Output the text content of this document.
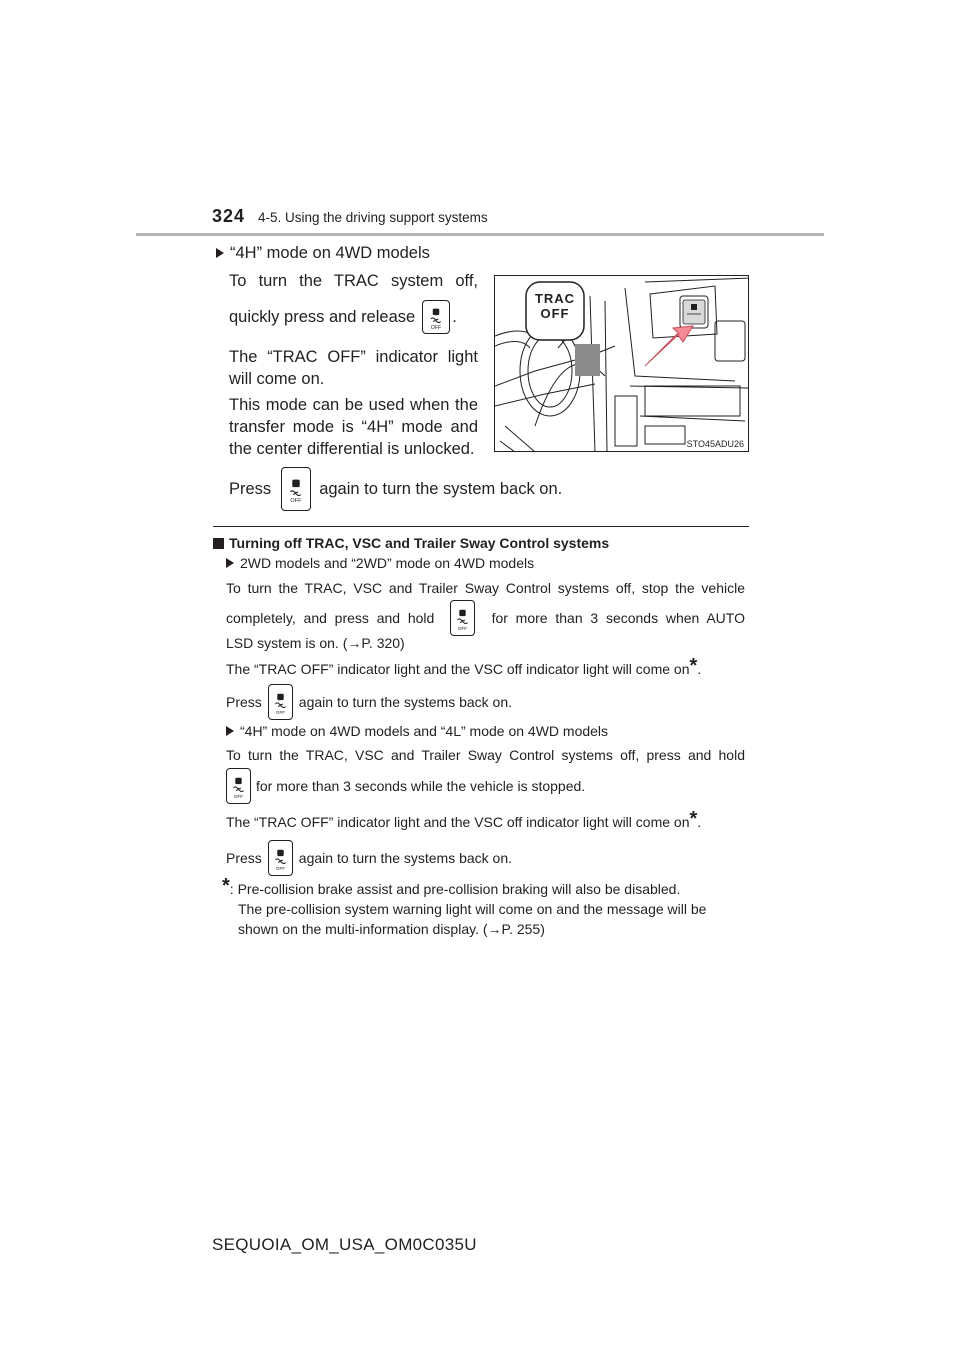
324 4-5. Using the driving support systems
“4H” mode on 4WD models
To turn the TRAC system off,
quickly press and release
OFF
.
The “TRAC OFF” indicator light
will come on.
This mode can be used when the
transfer mode is “4H” mode and
the center differential is unlocked.
Press
OFF
again to turn the system back on.
TRAC
OFF
STO45ADU26
Turning off TRAC, VSC and Trailer Sway Control systems
2WD models and “2WD” mode on 4WD models
To turn the TRAC, VSC and Trailer Sway Control systems off, stop the vehicle
completely,  and  press  and  hold

OFF

for  more  than  3  seconds  when  AUTO
LSD system is on. (→P. 320)
The “TRAC OFF” indicator light and the VSC off indicator light will come on*.
Press
OFF
again to turn the systems back on.
“4H” mode on 4WD models and “4L” mode on 4WD models
To turn the TRAC, VSC and Trailer Sway Control systems off, press and hold
OFF
for more than 3 seconds while the vehicle is stopped.
The “TRAC OFF” indicator light and the VSC off indicator light will come on*.
Press
OFF
again to turn the systems back on.
*: Pre-collision brake assist and pre-collision braking will also be disabled.
The pre-collision system warning light will come on and the message will be
shown on the multi-information display. (→P. 255)
SEQUOIA_OM_USA_OM0C035U
